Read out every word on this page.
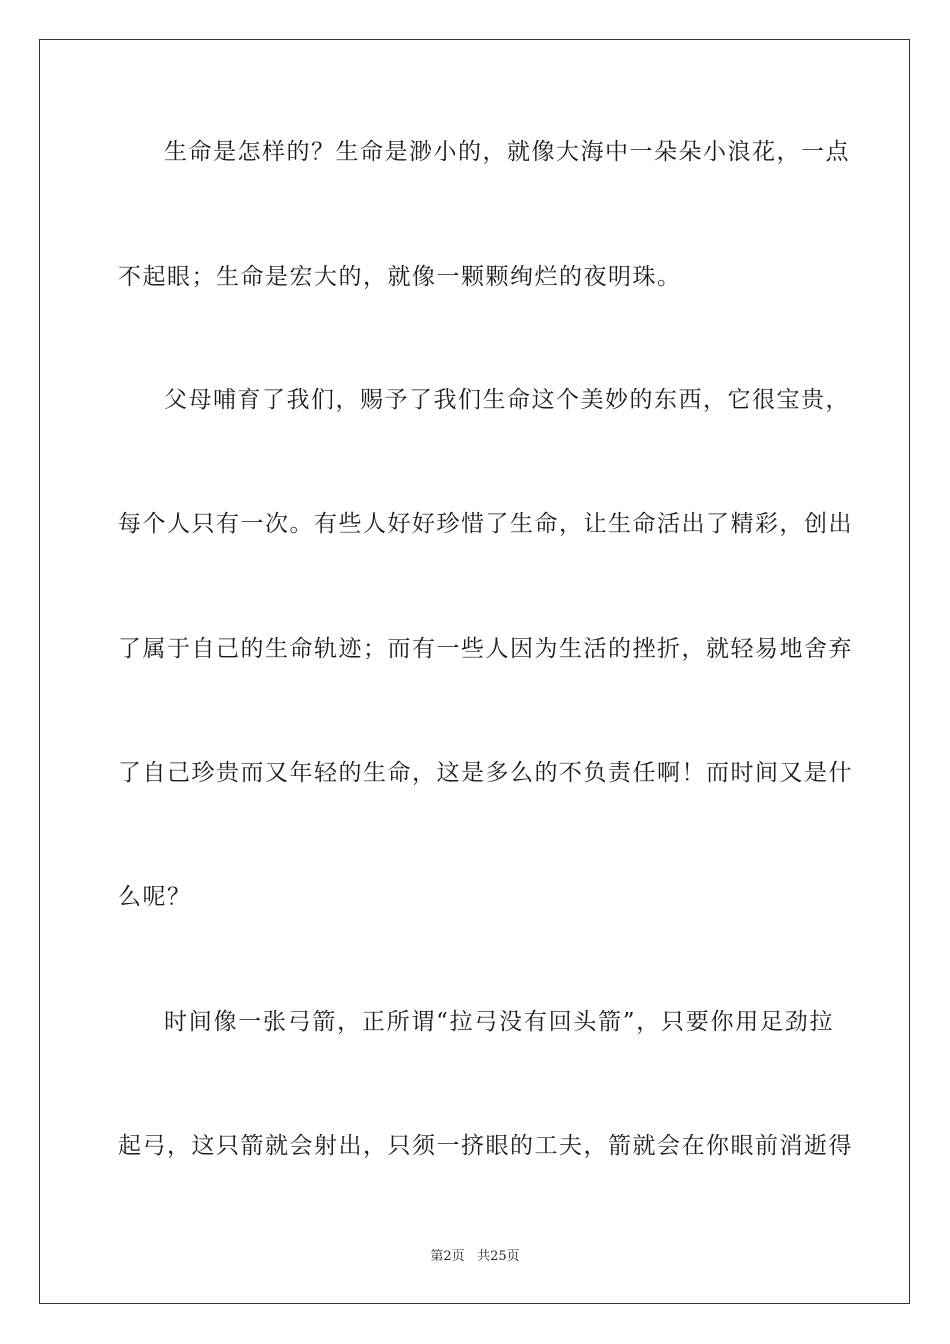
生命是怎样的？生命是渺小的，就像大海中一朵朵小浪花，一点
不起眼；生命是宏大的，就像一颗颗绚烂的夜明珠。
父母哺育了我们，赐予了我们生命这个美妙的东西，它很宝贵，
每个人只有一次。有些人好好珍惜了生命，让生命活出了精彩，创出
了属于自己的生命轨迹；而有一些人因为生活的挫折，就轻易地舍弃
了自己珍贵而又年轻的生命，这是多么的不负责任啊！而时间又是什
么呢？
时间像一张弓箭，正所谓“拉弓没有回头箭”，只要你用足劲拉
起弓，这只箭就会射出，只须一挤眼的工夫，箭就会在你眼前消逝得
第2页 共25页
